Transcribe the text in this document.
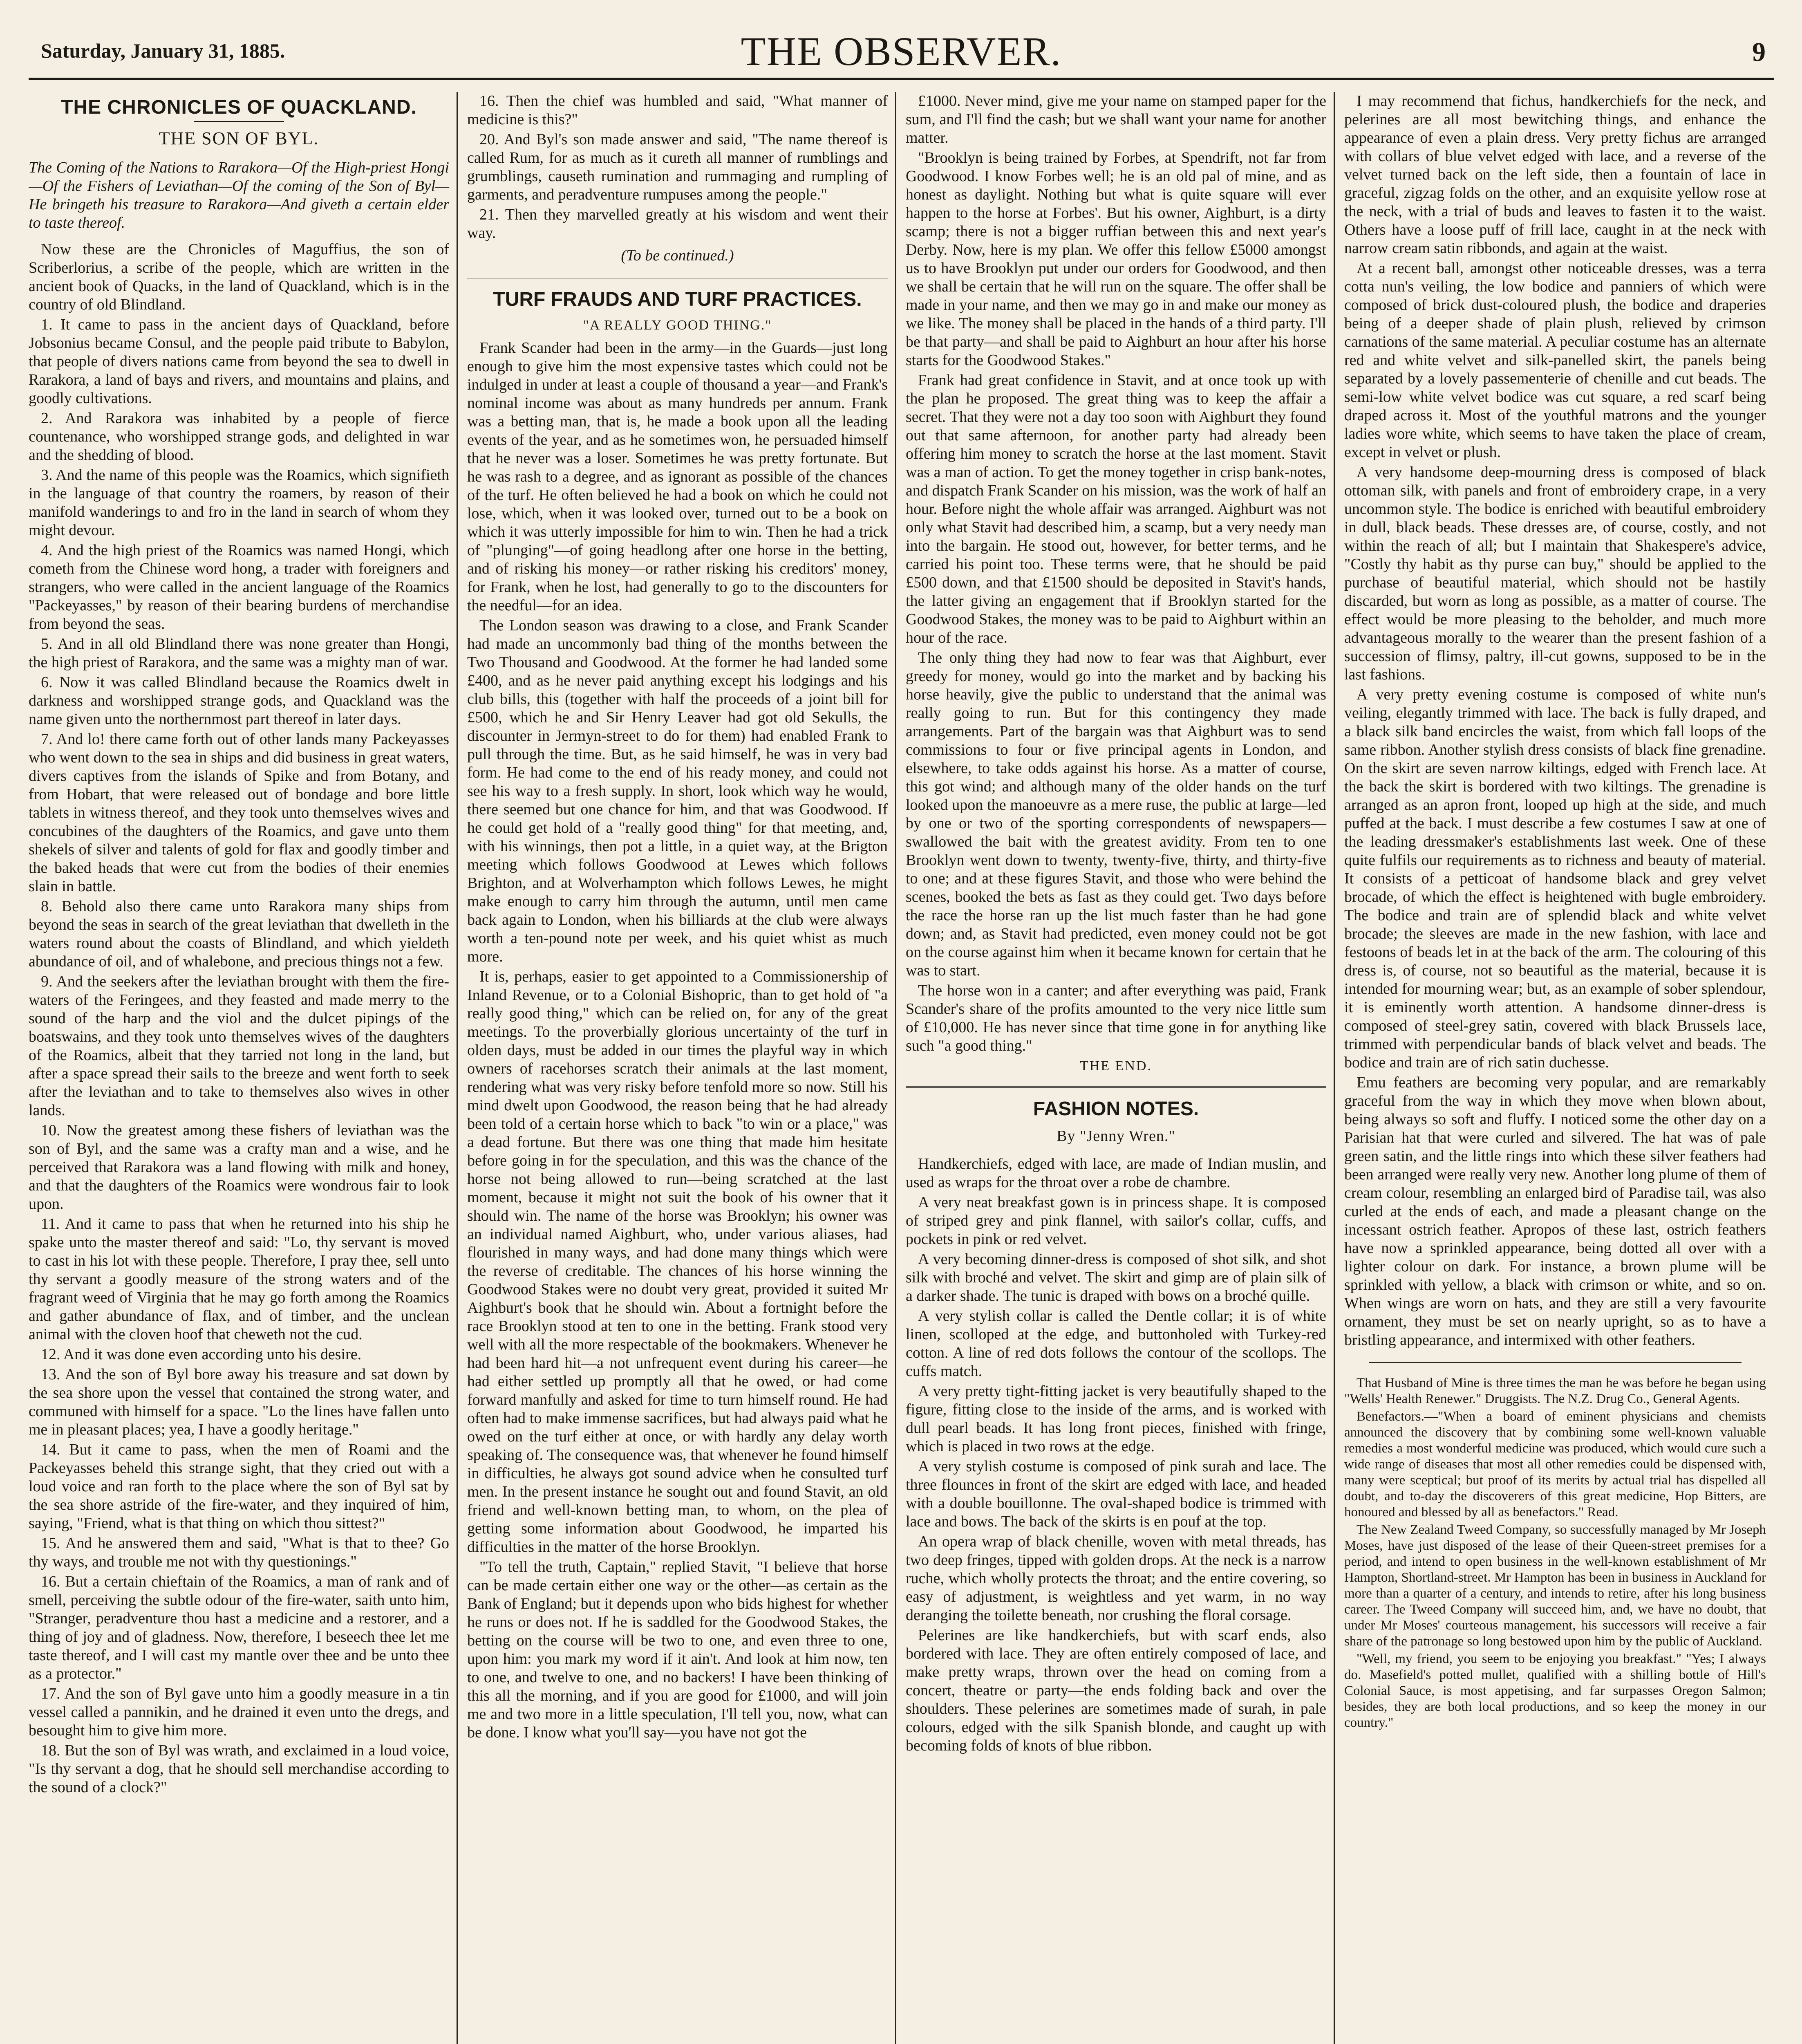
Saturday, January 31, 1885.	THE OBSERVER.	9
THE CHRONICLES OF QUACKLAND.
THE SON OF BYL.

The Coming of the Nations to Rarakora—Of the High-priest Hongi—Of the Fishers of Leviathan—Of the coming of the Son of Byl—He bringeth his treasure to Rarakora—And giveth a certain elder to taste thereof.

Now these are the Chronicles of Maguffius, the son of Scriberlorius, a scribe of the people, which are written in the ancient book of Quacks, in the land of Quackland, which is in the country of old Blindland.

1. It came to pass in the ancient days of Quackland, before Jobsonius became Consul, and the people paid tribute to Babylon, that people of divers nations came from beyond the sea to dwell in Rarakora, a land of bays and rivers, and mountains and plains, and goodly cultivations.

2. And Rarakora was inhabited by a people of fierce countenance, who worshipped strange gods, and delighted in war and the shedding of blood.

3. And the name of this people was the Roamics, which signifieth in the language of that country the roamers, by reason of their manifold wanderings to and fro in the land in search of whom they might devour.

4. And the high priest of the Roamics was named Hongi, which cometh from the Chinese word hong, a trader with foreigners and strangers, who were called in the ancient language of the Roamics "Packeyasses," by reason of their bearing burdens of merchandise from beyond the seas.

5. And in all old Blindland there was none greater than Hongi, the high priest of Rarakora, and the same was a mighty man of war.

6. Now it was called Blindland because the Roamics dwelt in darkness and worshipped strange gods, and Quackland was the name given unto the northernmost part thereof in later days.

7. And lo! there came forth out of other lands many Packeyasses who went down to the sea in ships and did business in great waters, divers captives from the islands of Spike and from Botany, and from Hobart, that were released out of bondage and bore little tablets in witness thereof, and they took unto themselves wives and concubines of the daughters of the Roamics, and gave unto them shekels of silver and talents of gold for flax and goodly timber and the baked heads that were cut from the bodies of their enemies slain in battle.

8. Behold also there came unto Rarakora many ships from beyond the seas in search of the great leviathan that dwelleth in the waters round about the coasts of Blindland, and which yieldeth abundance of oil, and of whalebone, and precious things not a few.

9. And the seekers after the leviathan brought with them the fire-waters of the Feringees, and they feasted and made merry to the sound of the harp and the viol and the dulcet pipings of the boatswains, and they took unto themselves wives of the daughters of the Roamics, albeit that they tarried not long in the land, but after a space spread their sails to the breeze and went forth to seek after the leviathan and to take to themselves also wives in other lands.

10. Now the greatest among these fishers of leviathan was the son of Byl, and the same was a crafty man and a wise, and he perceived that Rarakora was a land flowing with milk and honey, and that the daughters of the Roamics were wondrous fair to look upon.

11. And it came to pass that when he returned into his ship he spake unto the master thereof and said: "Lo, thy servant is moved to cast in his lot with these people. Therefore, I pray thee, sell unto thy servant a goodly measure of the strong waters and of the fragrant weed of Virginia that he may go forth among the Roamics and gather abundance of flax, and of timber, and the unclean animal with the cloven hoof that cheweth not the cud.

12. And it was done even according unto his desire.

13. And the son of Byl bore away his treasure and sat down by the sea shore upon the vessel that contained the strong water, and communed with himself for a space. "Lo the lines have fallen unto me in pleasant places; yea, I have a goodly heritage."

14. But it came to pass, when the men of Roami and the Packeyasses beheld this strange sight, that they cried out with a loud voice and ran forth to the place where the son of Byl sat by the sea shore astride of the fire-water, and they inquired of him, saying, "Friend, what is that thing on which thou sittest?"

15. And he answered them and said, "What is that to thee? Go thy ways, and trouble me not with thy questionings."

16. But a certain chieftain of the Roamics, a man of rank and of smell, perceiving the subtle odour of the fire-water, saith unto him, "Stranger, peradventure thou hast a medicine and a restorer, and a thing of joy and of gladness. Now, therefore, I beseech thee let me taste thereof, and I will cast my mantle over thee and be unto thee as a protector."

17. And the son of Byl gave unto him a goodly measure in a tin vessel called a pannikin, and he drained it even unto the dregs, and besought him to give him more.

18. But the son of Byl was wrath, and exclaimed in a loud voice, "Is thy servant a dog, that he should sell merchandise according to the sound of a clock?"

16. Then the chief was humbled and said, "What manner of medicine is this?"

20. And Byl's son made answer and said, "The name thereof is called Rum, for as much as it cureth all manner of rumblings and grumblings, causeth rumination and rummaging and rumpling of garments, and peradventure rumpuses among the people."

21. Then they marvelled greatly at his wisdom and went their way.

(To be continued.)
TURF FRAUDS AND TURF PRACTICES.
"A REALLY GOOD THING."

Frank Scander had been in the army—in the Guards—just long enough to give him the most expensive tastes which could not be indulged in under at least a couple of thousand a year—and Frank's nominal income was about as many hundreds per annum. Frank was a betting man, that is, he made a book upon all the leading events of the year, and as he sometimes won, he persuaded himself that he never was a loser. Sometimes he was pretty fortunate. But he was rash to a degree, and as ignorant as possible of the chances of the turf. He often believed he had a book on which he could not lose, which, when it was looked over, turned out to be a book on which it was utterly impossible for him to win. Then he had a trick of "plunging"—of going headlong after one horse in the betting, and of risking his money—or rather risking his creditors' money, for Frank, when he lost, had generally to go to the discounters for the needful—for an idea.

The London season was drawing to a close, and Frank Scander had made an uncommonly bad thing of the months between the Two Thousand and Goodwood. At the former he had landed some £400, and as he never paid anything except his lodgings and his club bills, this (together with half the proceeds of a joint bill for £500, which he and Sir Henry Leaver had got old Sekulls, the discounter in Jermyn-street to do for them) had enabled Frank to pull through the time. But, as he said himself, he was in very bad form. He had come to the end of his ready money, and could not see his way to a fresh supply. In short, look which way he would, there seemed but one chance for him, and that was Goodwood. If he could get hold of a "really good thing" for that meeting, and, with his winnings, then pot a little, in a quiet way, at the Brigton meeting which follows Goodwood at Lewes which follows Brighton, and at Wolverhampton which follows Lewes, he might make enough to carry him through the autumn, until men came back again to London, when his billiards at the club were always worth a ten-pound note per week, and his quiet whist as much more.

It is, perhaps, easier to get appointed to a Commissionership of Inland Revenue, or to a Colonial Bishopric, than to get hold of "a really good thing," which can be relied on, for any of the great meetings. To the proverbially glorious uncertainty of the turf in olden days, must be added in our times the playful way in which owners of racehorses scratch their animals at the last moment, rendering what was very risky before tenfold more so now. Still his mind dwelt upon Goodwood, the reason being that he had already been told of a certain horse which to back "to win or a place," was a dead fortune. But there was one thing that made him hesitate before going in for the speculation, and this was the chance of the horse not being allowed to run—being scratched at the last moment, because it might not suit the book of his owner that it should win. The name of the horse was Brooklyn; his owner was an individual named Aighburt, who, under various aliases, had flourished in many ways, and had done many things which were the reverse of creditable. The chances of his horse winning the Goodwood Stakes were no doubt very great, provided it suited Mr Aighburt's book that he should win. About a fortnight before the race Brooklyn stood at ten to one in the betting. Frank stood very well with all the more respectable of the bookmakers. Whenever he had been hard hit—a not unfrequent event during his career—he had either settled up promptly all that he owed, or had come forward manfully and asked for time to turn himself round. He had often had to make immense sacrifices, but had always paid what he owed on the turf either at once, or with hardly any delay worth speaking of. The consequence was, that whenever he found himself in difficulties, he always got sound advice when he consulted turf men. In the present instance he sought out and found Stavit, an old friend and well-known betting man, to whom, on the plea of getting some information about Goodwood, he imparted his difficulties in the matter of the horse Brooklyn.

"To tell the truth, Captain," replied Stavit, "I believe that horse can be made certain either one way or the other—as certain as the Bank of England; but it depends upon who bids highest for whether he runs or does not. If he is saddled for the Goodwood Stakes, the betting on the course will be two to one, and even three to one, upon him: you mark my word if it ain't. And look at him now, ten to one, and twelve to one, and no backers! I have been thinking of this all the morning, and if you are good for £1000, and will join me and two more in a little speculation, I'll tell you, now, what can be done. I know what you'll say—you have not got the

£1000. Never mind, give me your name on stamped paper for the sum, and I'll find the cash; but we shall want your name for another matter.

"Brooklyn is being trained by Forbes, at Spendrift, not far from Goodwood. I know Forbes well; he is an old pal of mine, and as honest as daylight. Nothing but what is quite square will ever happen to the horse at Forbes'. But his owner, Aighburt, is a dirty scamp; there is not a bigger ruffian between this and next year's Derby. Now, here is my plan. We offer this fellow £5000 amongst us to have Brooklyn put under our orders for Goodwood, and then we shall be certain that he will run on the square. The offer shall be made in your name, and then we may go in and make our money as we like. The money shall be placed in the hands of a third party. I'll be that party—and shall be paid to Aighburt an hour after his horse starts for the Goodwood Stakes."

Frank had great confidence in Stavit, and at once took up with the plan he proposed. The great thing was to keep the affair a secret. That they were not a day too soon with Aighburt they found out that same afternoon, for another party had already been offering him money to scratch the horse at the last moment. Stavit was a man of action. To get the money together in crisp bank-notes, and dispatch Frank Scander on his mission, was the work of half an hour. Before night the whole affair was arranged. Aighburt was not only what Stavit had described him, a scamp, but a very needy man into the bargain. He stood out, however, for better terms, and he carried his point too. These terms were, that he should be paid £500 down, and that £1500 should be deposited in Stavit's hands, the latter giving an engagement that if Brooklyn started for the Goodwood Stakes, the money was to be paid to Aighburt within an hour of the race.

The only thing they had now to fear was that Aighburt, ever greedy for money, would go into the market and by backing his horse heavily, give the public to understand that the animal was really going to run. But for this contingency they made arrangements. Part of the bargain was that Aighburt was to send commissions to four or five principal agents in London, and elsewhere, to take odds against his horse. As a matter of course, this got wind; and although many of the older hands on the turf looked upon the manoeuvre as a mere ruse, the public at large—led by one or two of the sporting correspondents of newspapers—swallowed the bait with the greatest avidity. From ten to one Brooklyn went down to twenty, twenty-five, thirty, and thirty-five to one; and at these figures Stavit, and those who were behind the scenes, booked the bets as fast as they could get. Two days before the race the horse ran up the list much faster than he had gone down; and, as Stavit had predicted, even money could not be got on the course against him when it became known for certain that he was to start.

The horse won in a canter; and after everything was paid, Frank Scander's share of the profits amounted to the very nice little sum of £10,000. He has never since that time gone in for anything like such "a good thing."

THE END.
FASHION NOTES.
By "Jenny Wren."

Handkerchiefs, edged with lace, are made of Indian muslin, and used as wraps for the throat over a robe de chambre.

A very neat breakfast gown is in princess shape. It is composed of striped grey and pink flannel, with sailor's collar, cuffs, and pockets in pink or red velvet.

A very becoming dinner-dress is composed of shot silk, and shot silk with broché and velvet. The skirt and gimp are of plain silk of a darker shade. The tunic is draped with bows on a broché quille.

A very stylish collar is called the Dentle collar; it is of white linen, scolloped at the edge, and buttonholed with Turkey-red cotton. A line of red dots follows the contour of the scollops. The cuffs match.

A very pretty tight-fitting jacket is very beautifully shaped to the figure, fitting close to the inside of the arms, and is worked with dull pearl beads. It has long front pieces, finished with fringe, which is placed in two rows at the edge.

A very stylish costume is composed of pink surah and lace. The three flounces in front of the skirt are edged with lace, and headed with a double bouillonne. The oval-shaped bodice is trimmed with lace and bows. The back of the skirts is en pouf at the top.

An opera wrap of black chenille, woven with metal threads, has two deep fringes, tipped with golden drops. At the neck is a narrow ruche, which wholly protects the throat; and the entire covering, so easy of adjustment, is weightless and yet warm, in no way deranging the toilette beneath, nor crushing the floral corsage.

Pelerines are like handkerchiefs, but with scarf ends, also bordered with lace. They are often entirely composed of lace, and make pretty wraps, thrown over the head on coming from a concert, theatre or party—the ends folding back and over the shoulders. These pelerines are sometimes made of surah, in pale colours, edged with the silk Spanish blonde, and caught up with becoming folds of knots of blue ribbon.

I may recommend that fichus, handkerchiefs for the neck, and pelerines are all most bewitching things, and enhance the appearance of even a plain dress. Very pretty fichus are arranged with collars of blue velvet edged with lace, and a reverse of the velvet turned back on the left side, then a fountain of lace in graceful, zigzag folds on the other, and an exquisite yellow rose at the neck, with a trial of buds and leaves to fasten it to the waist. Others have a loose puff of frill lace, caught in at the neck with narrow cream satin ribbonds, and again at the waist.

At a recent ball, amongst other noticeable dresses, was a terra cotta nun's veiling, the low bodice and panniers of which were composed of brick dust-coloured plush, the bodice and draperies being of a deeper shade of plain plush, relieved by crimson carnations of the same material. A peculiar costume has an alternate red and white velvet and silk-panelled skirt, the panels being separated by a lovely passementerie of chenille and cut beads. The semi-low white velvet bodice was cut square, a red scarf being draped across it. Most of the youthful matrons and the younger ladies wore white, which seems to have taken the place of cream, except in velvet or plush.

A very handsome deep-mourning dress is composed of black ottoman silk, with panels and front of embroidery crape, in a very uncommon style. The bodice is enriched with beautiful embroidery in dull, black beads. These dresses are, of course, costly, and not within the reach of all; but I maintain that Shakespere's advice, "Costly thy habit as thy purse can buy," should be applied to the purchase of beautiful material, which should not be hastily discarded, but worn as long as possible, as a matter of course. The effect would be more pleasing to the beholder, and much more advantageous morally to the wearer than the present fashion of a succession of flimsy, paltry, ill-cut gowns, supposed to be in the last fashions.

A very pretty evening costume is composed of white nun's veiling, elegantly trimmed with lace. The back is fully draped, and a black silk band encircles the waist, from which fall loops of the same ribbon. Another stylish dress consists of black fine grenadine. On the skirt are seven narrow kiltings, edged with French lace. At the back the skirt is bordered with two kiltings. The grenadine is arranged as an apron front, looped up high at the side, and much puffed at the back. I must describe a few costumes I saw at one of the leading dressmaker's establishments last week. One of these quite fulfils our requirements as to richness and beauty of material. It consists of a petticoat of handsome black and grey velvet brocade, of which the effect is heightened with bugle embroidery. The bodice and train are of splendid black and white velvet brocade; the sleeves are made in the new fashion, with lace and festoons of beads let in at the back of the arm. The colouring of this dress is, of course, not so beautiful as the material, because it is intended for mourning wear; but, as an example of sober splendour, it is eminently worth attention. A handsome dinner-dress is composed of steel-grey satin, covered with black Brussels lace, trimmed with perpendicular bands of black velvet and beads. The bodice and train are of rich satin duchesse.

Emu feathers are becoming very popular, and are remarkably graceful from the way in which they move when blown about, being always so soft and fluffy. I noticed some the other day on a Parisian hat that were curled and silvered. The hat was of pale green satin, and the little rings into which these silver feathers had been arranged were really very new. Another long plume of them of cream colour, resembling an enlarged bird of Paradise tail, was also curled at the ends of each, and made a pleasant change on the incessant ostrich feather. Apropos of these last, ostrich feathers have now a sprinkled appearance, being dotted all over with a lighter colour on dark. For instance, a brown plume will be sprinkled with yellow, a black with crimson or white, and so on. When wings are worn on hats, and they are still a very favourite ornament, they must be set on nearly upright, so as to have a bristling appearance, and intermixed with other feathers.

That Husband of Mine is three times the man he was before he began using "Wells' Health Renewer." Druggists. The N.Z. Drug Co., General Agents.

Benefactors.—"When a board of eminent physicians and chemists announced the discovery that by combining some well-known valuable remedies a most wonderful medicine was produced, which would cure such a wide range of diseases that most all other remedies could be dispensed with, many were sceptical; but proof of its merits by actual trial has dispelled all doubt, and to-day the discoverers of this great medicine, Hop Bitters, are honoured and blessed by all as benefactors." Read.

The New Zealand Tweed Company, so successfully managed by Mr Joseph Moses, have just disposed of the lease of their Queen-street premises for a period, and intend to open business in the well-known establishment of Mr Hampton, Shortland-street. Mr Hampton has been in business in Auckland for more than a quarter of a century, and intends to retire, after his long business career. The Tweed Company will succeed him, and, we have no doubt, that under Mr Moses' courteous management, his successors will receive a fair share of the patronage so long bestowed upon him by the public of Auckland.

"Well, my friend, you seem to be enjoying you breakfast." "Yes; I always do. Masefield's potted mullet, qualified with a shilling bottle of Hill's Colonial Sauce, is most appetising, and far surpasses Oregon Salmon; besides, they are both local productions, and so keep the money in our country."
